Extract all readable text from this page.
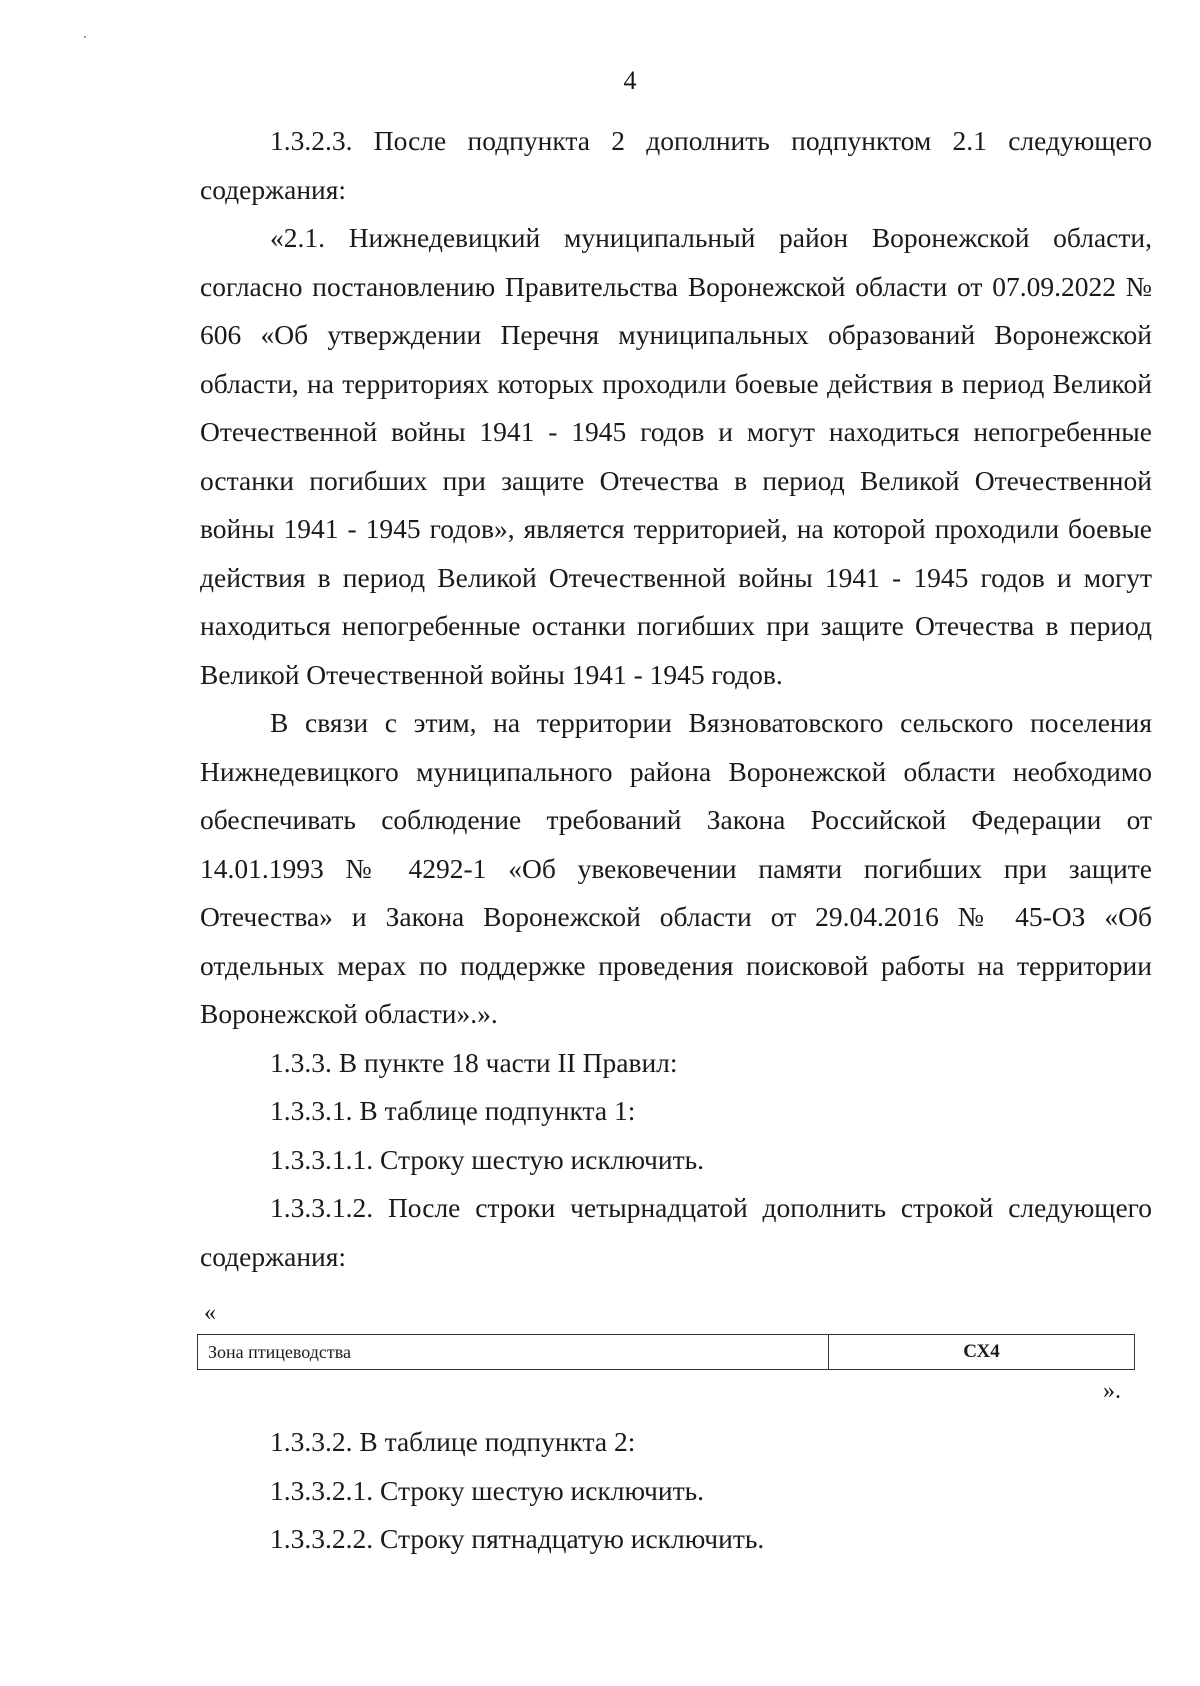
4

1.3.2.3. После подпункта 2 дополнить подпунктом 2.1 следующего содержания:

«2.1. Нижнедевицкий муниципальный район Воронежской области, согласно постановлению Правительства Воронежской области от 07.09.2022 № 606 «Об утверждении Перечня муниципальных образований Воронежской области, на территориях которых проходили боевые действия в период Великой Отечественной войны 1941 - 1945 годов и могут находиться непогребенные останки погибших при защите Отечества в период Великой Отечественной войны 1941 - 1945 годов», является территорией, на которой проходили боевые действия в период Великой Отечественной войны 1941 - 1945 годов и могут находиться непогребенные останки погибших при защите Отечества в период Великой Отечественной войны 1941 - 1945 годов.

В связи с этим, на территории Вязноватовского сельского поселения Нижнедевицкого муниципального района Воронежской области необходимо обеспечивать соблюдение требований Закона Российской Федерации от 14.01.1993 № 4292-1 «Об увековечении памяти погибших при защите Отечества» и Закона Воронежской области от 29.04.2016 № 45-ОЗ «Об отдельных мерах по поддержке проведения поисковой работы на территории Воронежской области».».

1.3.3. В пункте 18 части II Правил:

1.3.3.1. В таблице подпункта 1:

1.3.3.1.1. Строку шестую исключить.

1.3.3.1.2. После строки четырнадцатой дополнить строкой следующего содержания:

«
Зона птицеводства	СХ4
».

1.3.3.2. В таблице подпункта 2:

1.3.3.2.1. Строку шестую исключить.

1.3.3.2.2. Строку пятнадцатую исключить.
